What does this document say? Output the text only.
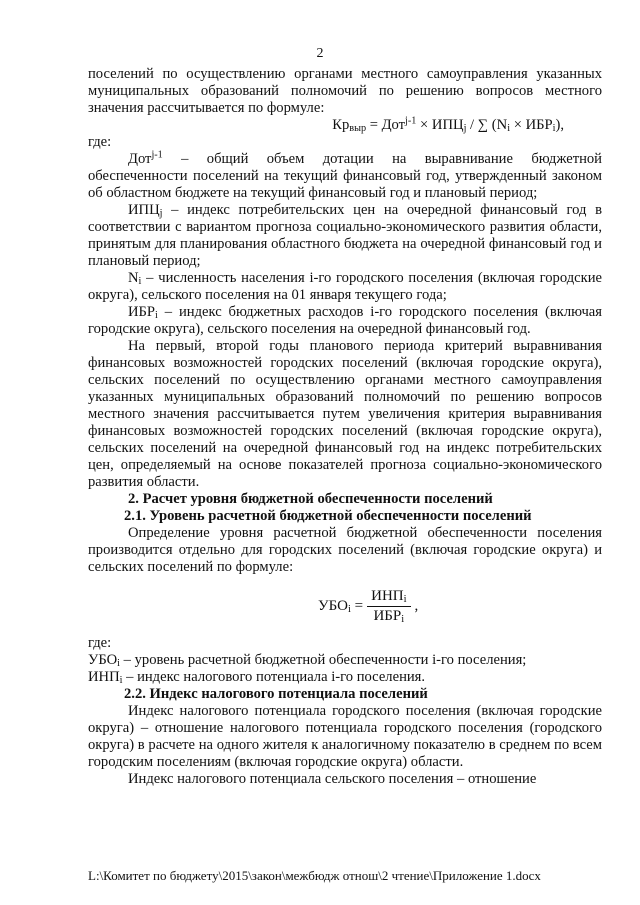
2

поселений по осуществлению органами местного самоуправления указанных муниципальных образований полномочий по решению вопросов местного значения рассчитывается по формуле:

$Кр_{выр} = Дот^{j-1} \times ИПЦ_j$ / ∑ $(N_i \times ИБР_i)$,

где:

Дот$^{j-1}$ – общий объем дотации на выравнивание бюджетной обеспеченности поселений на текущий финансовый год, утвержденный законом об областном бюджете на текущий финансовый год и плановый период;

$ИПЦ_j$ – индекс потребительских цен на очередной финансовый год в соответствии с вариантом прогноза социально-экономического развития области, принятым для планирования областного бюджета на очередной финансовый год и плановый период;

$N_i$ – численность населения i-го городского поселения (включая городские округа), сельского поселения на 01 января текущего года;

$ИБР_i$ – индекс бюджетных расходов i-го городского поселения (включая городские округа), сельского поселения на очередной финансовый год.

На первый, второй годы планового периода критерий выравнивания финансовых возможностей городских поселений (включая городские округа), сельских поселений по осуществлению органами местного самоуправления указанных муниципальных образований полномочий по решению вопросов местного значения рассчитывается путем увеличения критерия выравнивания финансовых возможностей городских поселений (включая городские округа), сельских поселений на очередной финансовый год на индекс потребительских цен, определяемый на основе показателей прогноза социально-экономического развития области.

2. Расчет уровня бюджетной обеспеченности поселений

2.1. Уровень расчетной бюджетной обеспеченности поселений

Определение уровня расчетной бюджетной обеспеченности поселения производится отдельно для городских поселений (включая городские округа) и сельских поселений по формуле:

$УБО_i = \frac{ИНП_i}{ИБР_i}$ ,

где:

$УБО_i$ – уровень расчетной бюджетной обеспеченности i-го поселения;

$ИНП_i$ – индекс налогового потенциала i-го поселения.

2.2. Индекс налогового потенциала поселений

Индекс налогового потенциала городского поселения (включая городские округа) – отношение налогового потенциала городского поселения (городского округа) в расчете на одного жителя к аналогичному показателю в среднем по всем городским поселениям (включая городские округа) области.

Индекс налогового потенциала сельского поселения – отношение

L:\Комитет по бюджету\2015\закон\межбюдж отнош\2 чтение\Приложение 1.docx
